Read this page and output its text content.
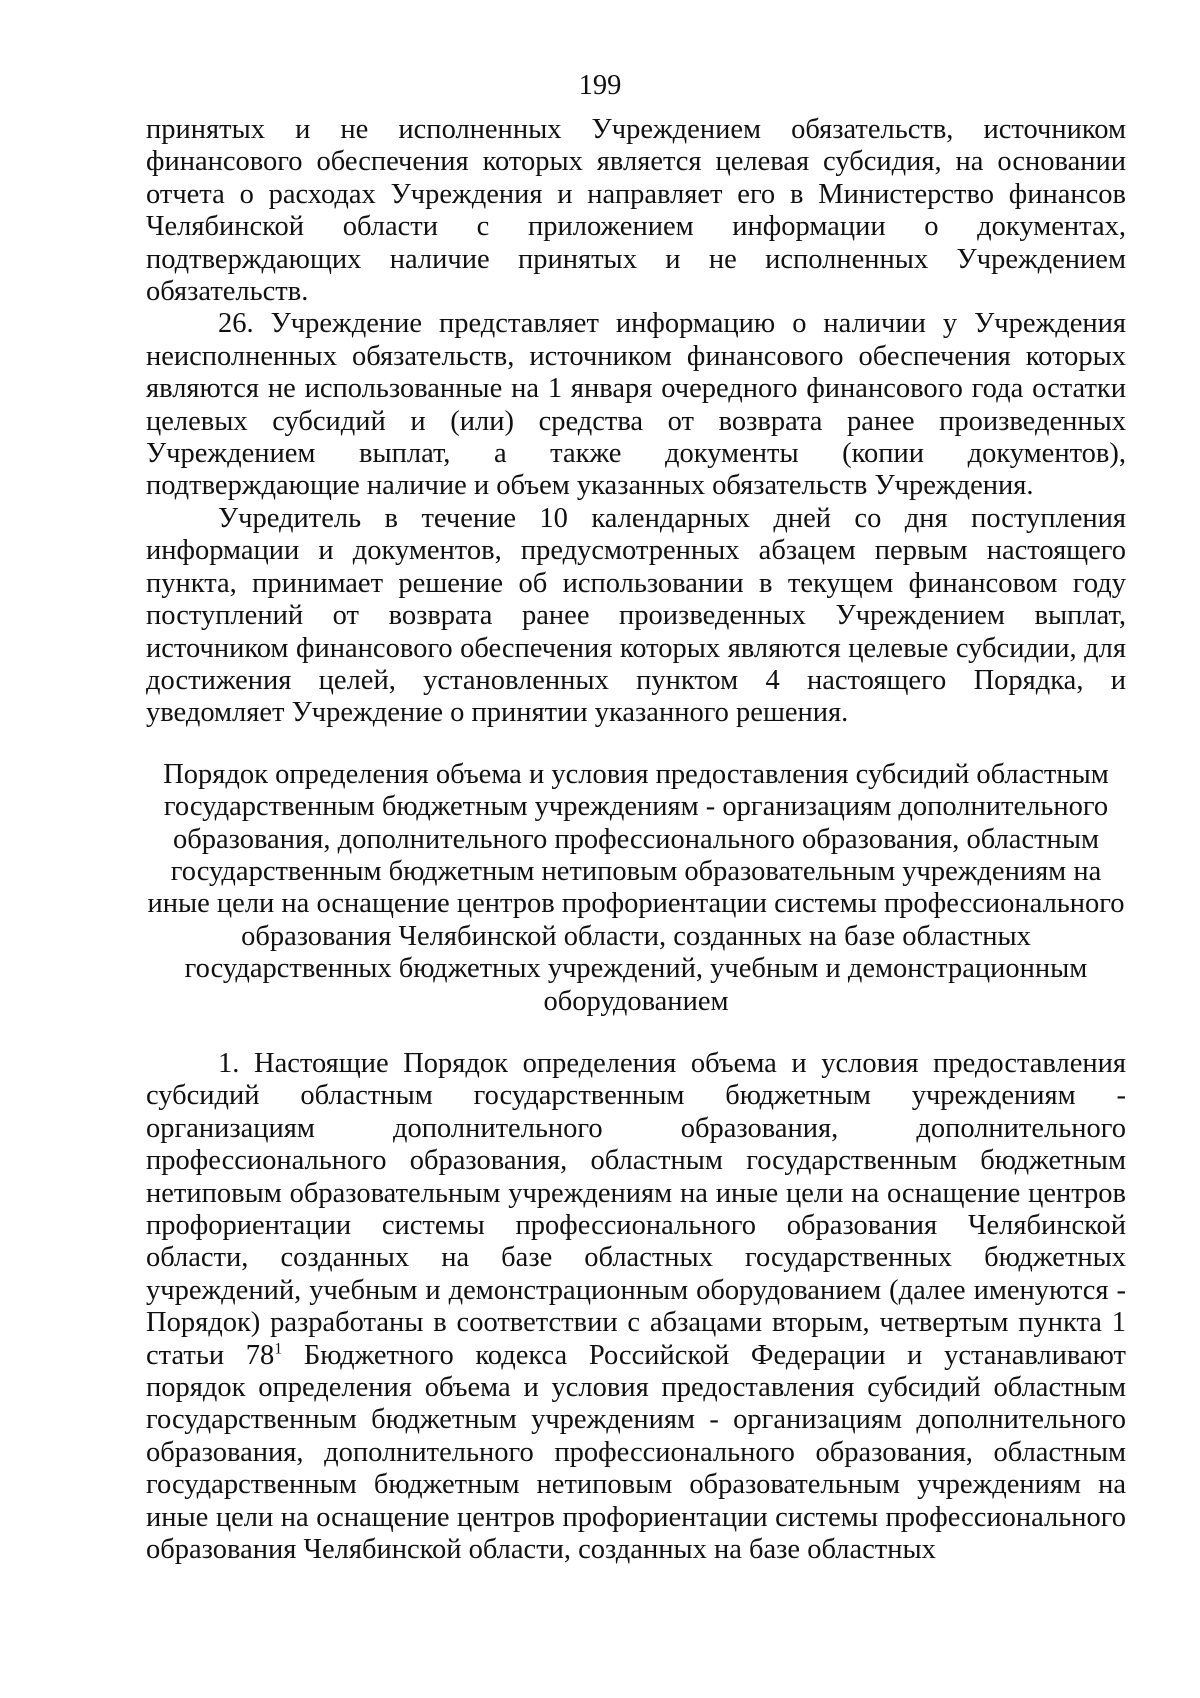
199

принятых и не исполненных Учреждением обязательств, источником финансового обеспечения которых является целевая субсидия, на основании отчета о расходах Учреждения и направляет его в Министерство финансов Челябинской области с приложением информации о документах, подтверждающих наличие принятых и не исполненных Учреждением обязательств.

26. Учреждение представляет информацию о наличии у Учреждения неисполненных обязательств, источником финансового обеспечения которых являются не использованные на 1 января очередного финансового года остатки целевых субсидий и (или) средства от возврата ранее произведенных Учреждением выплат, а также документы (копии документов), подтверждающие наличие и объем указанных обязательств Учреждения.

Учредитель в течение 10 календарных дней со дня поступления информации и документов, предусмотренных абзацем первым настоящего пункта, принимает решение об использовании в текущем финансовом году поступлений от возврата ранее произведенных Учреждением выплат, источником финансового обеспечения которых являются целевые субсидии, для достижения целей, установленных пунктом 4 настоящего Порядка, и уведомляет Учреждение о принятии указанного решения.

Порядок определения объема и условия предоставления субсидий областным государственным бюджетным учреждениям - организациям дополнительного образования, дополнительного профессионального образования, областным государственным бюджетным нетиповым образовательным учреждениям на иные цели на оснащение центров профориентации системы профессионального образования Челябинской области, созданных на базе областных государственных бюджетных учреждений, учебным и демонстрационным оборудованием

1. Настоящие Порядок определения объема и условия предоставления субсидий областным государственным бюджетным учреждениям - организациям дополнительного образования, дополнительного профессионального образования, областным государственным бюджетным нетиповым образовательным учреждениям на иные цели на оснащение центров профориентации системы профессионального образования Челябинской области, созданных на базе областных государственных бюджетных учреждений, учебным и демонстрационным оборудованием (далее именуются - Порядок) разработаны в соответствии с абзацами вторым, четвертым пункта 1 статьи $78^1$ Бюджетного кодекса Российской Федерации и устанавливают порядок определения объема и условия предоставления субсидий областным государственным бюджетным учреждениям - организациям дополнительного образования, дополнительного профессионального образования, областным государственным бюджетным нетиповым образовательным учреждениям на иные цели на оснащение центров профориентации системы профессионального образования Челябинской области, созданных на базе областных
